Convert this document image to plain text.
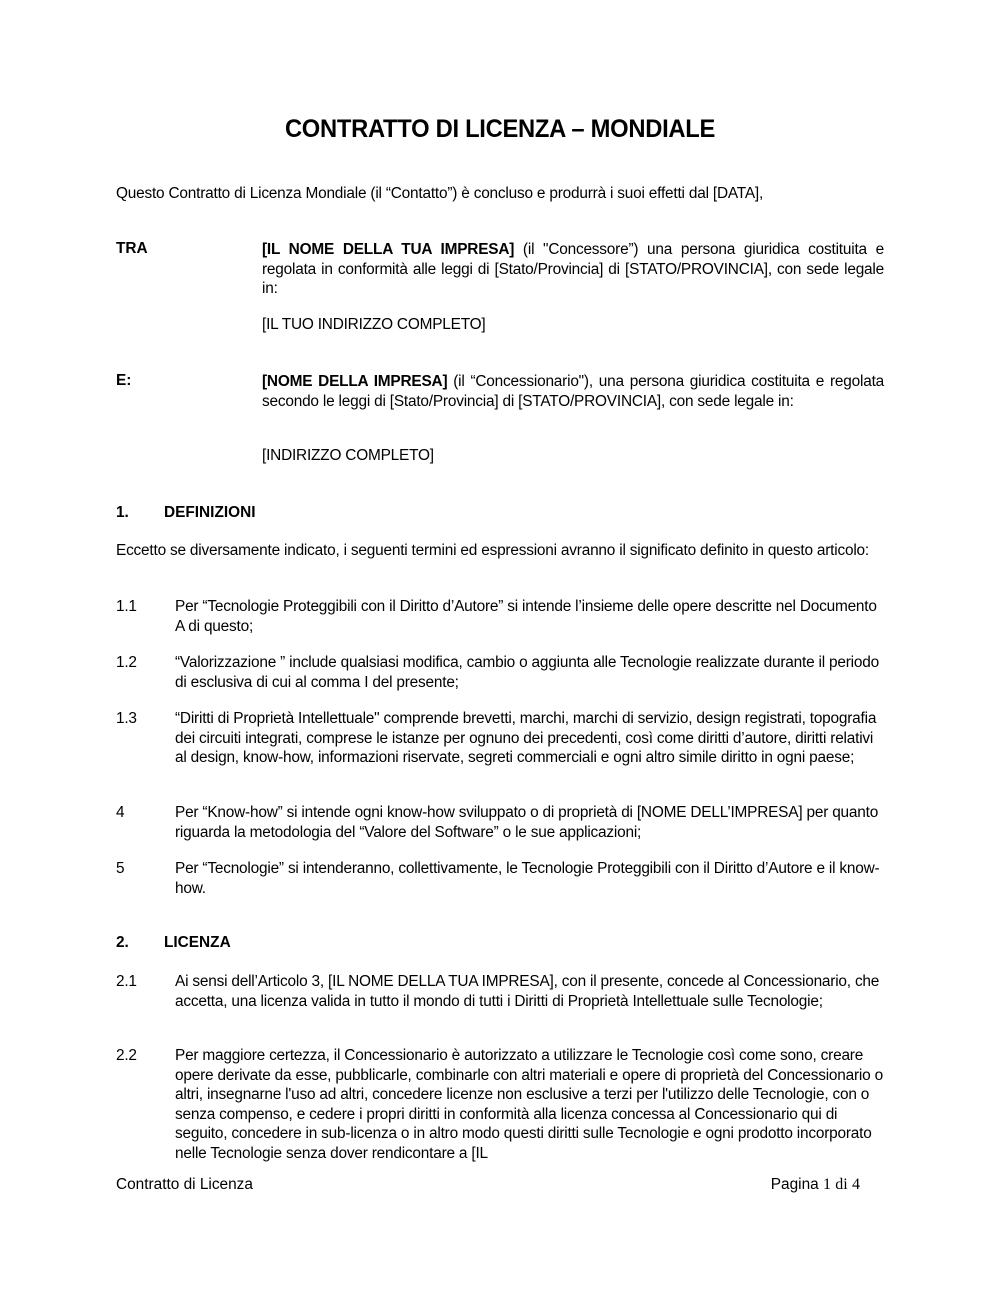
CONTRATTO DI LICENZA – MONDIALE
Questo Contratto di Licenza Mondiale (il “Contatto”) è concluso e produrrà i suoi effetti dal [DATA],
TRA	[IL NOME DELLA TUA IMPRESA] (il "Concessore”) una persona giuridica costituita e regolata in conformità alle leggi di [Stato/Provincia] di [STATO/PROVINCIA], con sede legale in:
[IL TUO INDIRIZZO COMPLETO]
E:	[NOME DELLA IMPRESA] (il “Concessionario"), una persona giuridica costituita e regolata secondo le leggi di [Stato/Provincia] di [STATO/PROVINCIA], con sede legale in:
[INDIRIZZO COMPLETO]
1. DEFINIZIONI
Eccetto se diversamente indicato, i seguenti termini ed espressioni avranno il significato definito in questo articolo:
1.1 Per “Tecnologie Proteggibili con il Diritto d’Autore” si intende l’insieme delle opere descritte nel Documento A di questo;
1.2 “Valorizzazione ” include qualsiasi modifica, cambio o aggiunta alle Tecnologie realizzate durante il periodo di esclusiva di cui al comma I del presente;
1.3 “Diritti di Proprietà Intellettuale" comprende brevetti, marchi, marchi di servizio, design registrati, topografia dei circuiti integrati, comprese le istanze per ognuno dei precedenti, così come diritti d’autore, diritti relativi al design, know-how, informazioni riservate, segreti commerciali e ogni altro simile diritto in ogni paese;
4	Per “Know-how” si intende ogni know-how sviluppato o di proprietà di [NOME DELL’IMPRESA] per quanto riguarda la metodologia del “Valore del Software” o le sue applicazioni;
5	Per “Tecnologie” si intenderanno, collettivamente, le Tecnologie Proteggibili con il Diritto d’Autore e il know-how.
2. LICENZA
2.1 Ai sensi dell’Articolo 3, [IL NOME DELLA TUA IMPRESA], con il presente, concede al Concessionario, che accetta, una licenza valida in tutto il mondo di tutti i Diritti di Proprietà Intellettuale sulle Tecnologie;
2.2 Per maggiore certezza, il Concessionario è autorizzato a utilizzare le Tecnologie così come sono, creare opere derivate da esse, pubblicarle, combinarle con altri materiali e opere di proprietà del Concessionario o altri, insegnarne l'uso ad altri, concedere licenze non esclusive a terzi per l'utilizzo delle Tecnologie, con o senza compenso, e cedere i propri diritti in conformità alla licenza concessa al Concessionario qui di seguito, concedere in sub-licenza o in altro modo questi diritti sulle Tecnologie e ogni prodotto incorporato nelle Tecnologie senza dover rendicontare a [IL
Contratto di Licenza	Pagina 1 di 4
